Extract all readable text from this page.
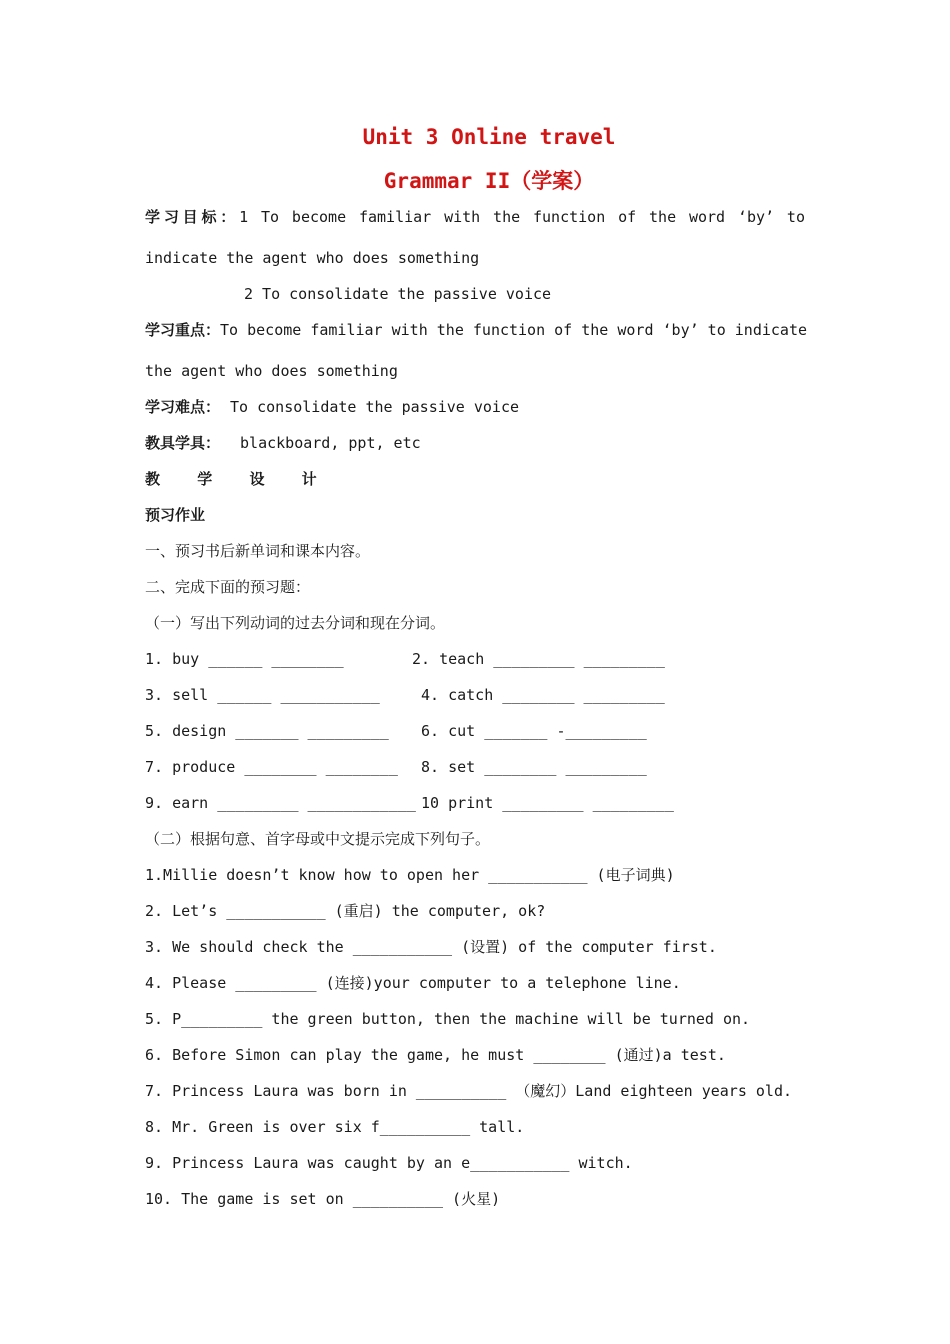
Unit 3 Online travel
Grammar II（学案）
学习目标：1 To become familiar with the function of the word ‘by’ to
indicate the agent who does something
2 To consolidate the passive voice
学习重点：To become familiar with the function of the word ‘by’ to indicate
the agent who does something
学习难点： To consolidate the passive voice
教具学具： blackboard, ppt, etc
教 学 设 计
预习作业
一、预习书后新单词和课本内容。
二、完成下面的预习题：
（一）写出下列动词的过去分词和现在分词。
1. buy ______ ________
3. sell ______ ___________
5. design _______ _________
7. produce ________ ________
9. earn _________ ____________
2. teach _________ _________
4. catch ________ _________
6. cut _______ -_________
8. set ________ _________
10 print _________ _________
（二）根据句意、首字母或中文提示完成下列句子。
1.Millie doesn’t know how to open her ___________ (电子词典)
2. Let’s ___________ (重启) the computer, ok?
3. We should check the ___________ (设置) of the computer first.
4. Please _________ (连接)your computer to a telephone line.
5. P_________ the green button, then the machine will be turned on.
6. Before Simon can play the game, he must ________ (通过)a test.
7. Princess Laura was born in __________ （魔幻）Land eighteen years old.
8. Mr. Green is over six f__________ tall.
9. Princess Laura was caught by an e___________ witch.
10. The game is set on __________ (火星)
